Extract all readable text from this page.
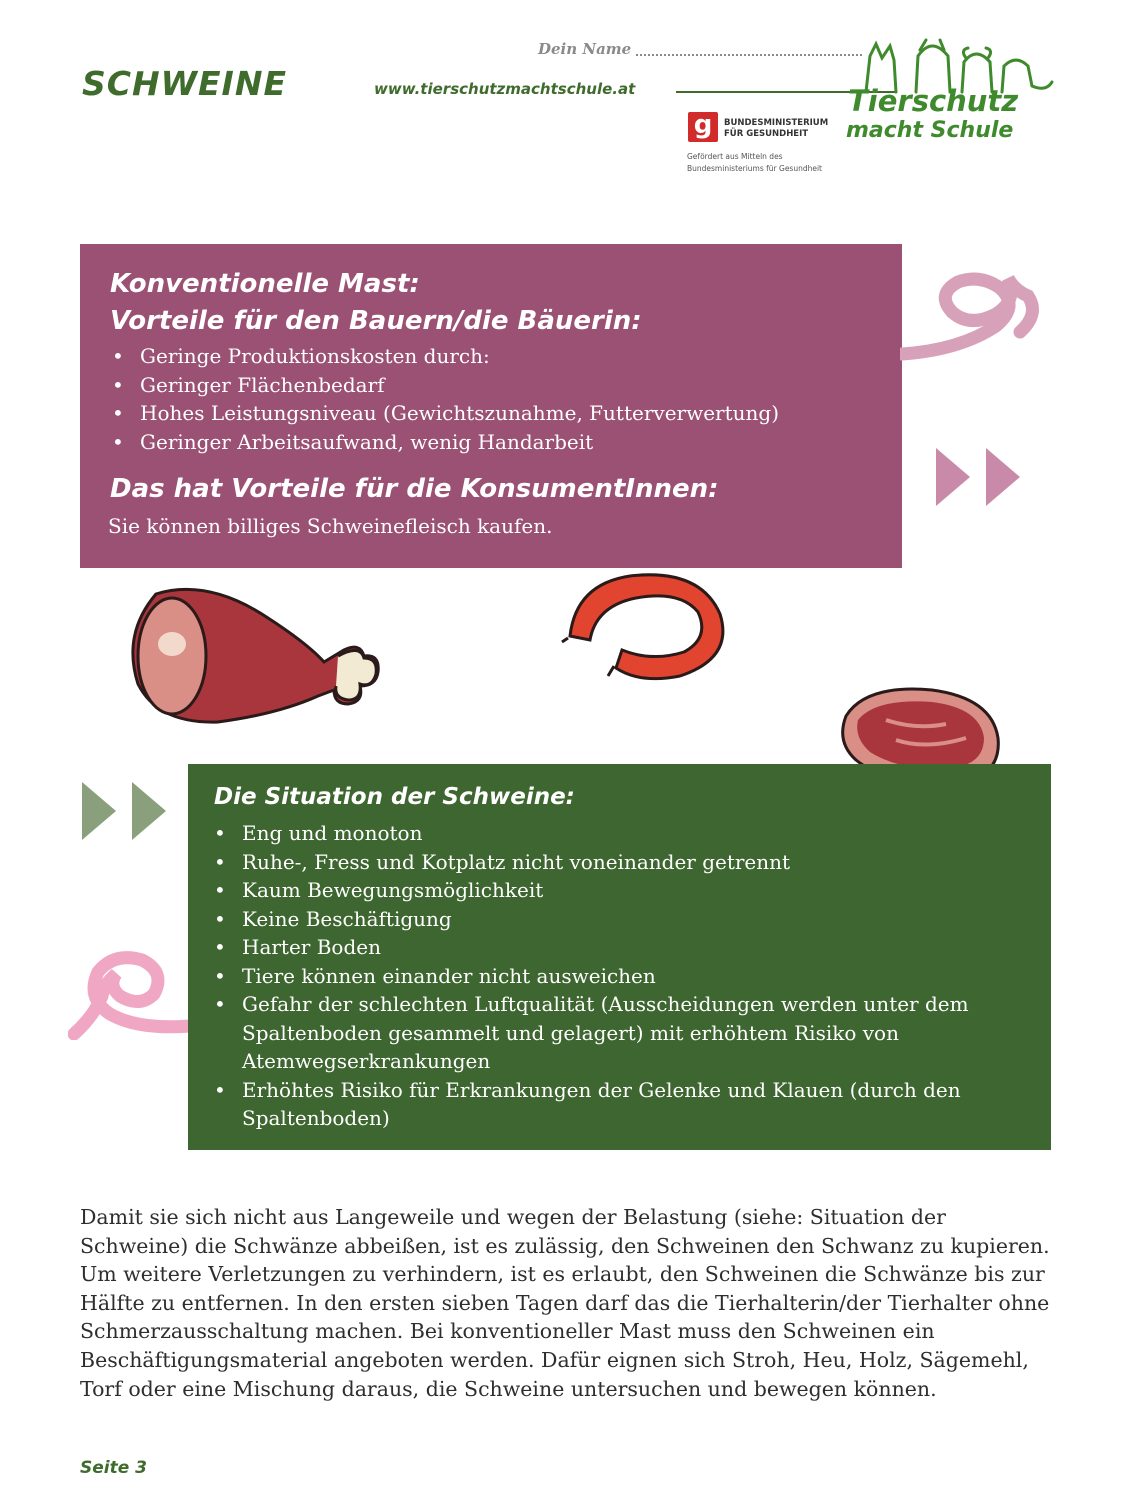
SCHWEINE
Dein Name
www.tierschutzmachtschule.at	Tierschutz
macht Schule
g	BUNDESMINISTERIUM
FÜR GESUNDHEIT
Gefördert aus Mitteln des
Bundesministeriums für Gesundheit
Konventionelle Mast:
Vorteile für den Bauern/die Bäuerin:
• Geringe Produktionskosten durch:
• Geringer Flächenbedarf
• Hohes Leistungsniveau (Gewichtszunahme, Futterverwertung)
• Geringer Arbeitsaufwand, wenig Handarbeit
Das hat Vorteile für die KonsumentInnen:
Sie können billiges Schweinefleisch kaufen.
Die Situation der Schweine:
• Eng und monoton
• Ruhe-, Fress und Kotplatz nicht voneinander getrennt
• Kaum Bewegungsmöglichkeit
• Keine Beschäftigung
• Harter Boden
• Tiere können einander nicht ausweichen
• Gefahr der schlechten Luftqualität (Ausscheidungen werden unter dem Spaltenboden gesammelt und gelagert) mit erhöhtem Risiko von Atemwegserkrankungen
• Erhöhtes Risiko für Erkrankungen der Gelenke und Klauen (durch den Spaltenboden)

Damit sie sich nicht aus Langeweile und wegen der Belastung (siehe: Situation der Schweine) die Schwänze abbeißen, ist es zulässig, den Schweinen den Schwanz zu kupieren. Um weitere Verletzungen zu verhindern, ist es erlaubt, den Schweinen die Schwänze bis zur Hälfte zu entfernen. In den ersten sieben Tagen darf das die Tierhalterin/der Tierhalter ohne Schmerzausschaltung machen. Bei konventioneller Mast muss den Schweinen ein Beschäftigungsmaterial angeboten werden. Dafür eignen sich Stroh, Heu, Holz, Sägemehl, Torf oder eine Mischung daraus, die Schweine untersuchen und bewegen können.

Seite 3
